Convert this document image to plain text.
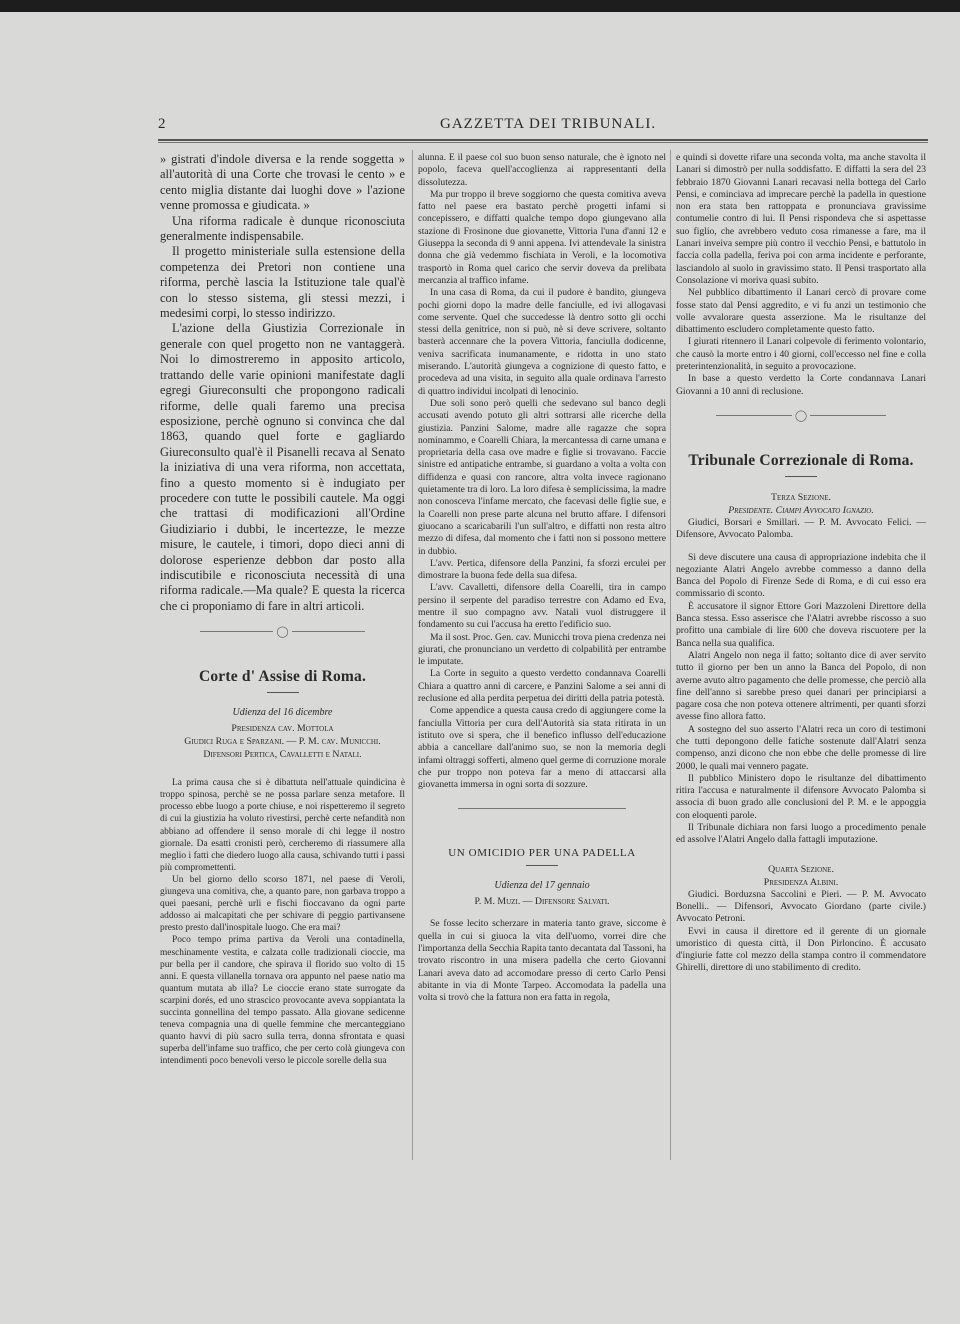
2	GAZZETTA DEI TRIBUNALI.

» gistrati d'indole diversa e la rende soggetta » all'autorità di una Corte che trovasi le cento » e cento miglia distante dai luoghi dove » l'azione venne promossa e giudicata. »

Una riforma radicale è dunque riconosciuta generalmente indispensabile.

Il progetto ministeriale sulla estensione della competenza dei Pretori non contiene una riforma, perchè lascia la Istituzione tale qual'è con lo stesso sistema, gli stessi mezzi, i medesimi corpi, lo stesso indirizzo.

L'azione della Giustizia Correzionale in generale con quel progetto non ne vantaggerà. Noi lo dimostreremo in apposito articolo, trattando delle varie opinioni manifestate dagli egregi Giureconsulti che propongono radicali riforme, delle quali faremo una precisa esposizione, perchè ognuno si convinca che dal 1863, quando quel forte e gagliardo Giureconsulto qual'è il Pisanelli recava al Senato la iniziativa di una vera riforma, non accettata, fino a questo momento si è indugiato per procedere con tutte le possibili cautele. Ma oggi che trattasi di modificazioni all'Ordine Giudiziario i dubbi, le incertezze, le mezze misure, le cautele, i timori, dopo dieci anni di dolorose esperienze debbon dar posto alla indiscutibile e riconosciuta necessità di una riforma radicale.—Ma quale? E questa la ricerca che ci proponiamo di fare in altri articoli.

◯
Corte d' Assise di Roma.
Udienza del 16 dicembre

Presidenza cav. Mottola

Giudici Ruga e Sparzani. — P. M. cav. Municchi.

Difensori Pertica, Cavalletti e Natali.

La prima causa che si è dibattuta nell'attuale quindicina è troppo spinosa, perchè se ne possa parlare senza metafore. Il processo ebbe luogo a porte chiuse, e noi rispetteremo il segreto di cui la giustizia ha voluto rivestirsi, perchè certe nefandità non abbiano ad offendere il senso morale di chi legge il nostro giornale. Da esatti cronisti però, cercheremo di riassumere alla meglio i fatti che diedero luogo alla causa, schivando tutti i passi più compromettenti.

Un bel giorno dello scorso 1871, nel paese di Veroli, giungeva una comitiva, che, a quanto pare, non garbava troppo a quei paesani, perchè urli e fischi fioccavano da ogni parte addosso ai malcapitati che per schivare di peggio partivansene presto presto dall'inospitale luogo. Che era mai?

Poco tempo prima partiva da Veroli una contadinella, meschinamente vestita, e calzata colle tradizionali cioccie, ma pur bella per il candore, che spirava il florido suo volto di 15 anni. E questa villanella tornava ora appunto nel paese natio ma quantum mutata ab illa? Le cioccie erano state surrogate da scarpini dorés, ed uno strascico provocante aveva soppiantata la succinta gonnellina del tempo passato. Alla giovane sedicenne teneva compagnia una di quelle femmine che mercanteggiano quanto havvi di più sacro sulla terra, donna sfrontata e quasi superba dell'infame suo traffico, che per certo colà giungeva con intendimenti poco benevoli verso le piccole sorelle della sua

alunna. E il paese col suo buon senso naturale, che è ignoto nel popolo, faceva quell'accoglienza ai rappresentanti della dissolutezza.

Ma pur troppo il breve soggiorno che questa comitiva aveva fatto nel paese era bastato perchè progetti infami si concepissero, e diffatti qualche tempo dopo giungevano alla stazione di Frosinone due giovanette, Vittoria l'una d'anni 12 e Giuseppa la seconda di 9 anni appena. Ivi attendevale la sinistra donna che già vedemmo fischiata in Veroli, e la locomotiva trasportò in Roma quel carico che servir doveva da prelibata mercanzia al traffico infame.

In una casa di Roma, da cui il pudore è bandito, giungeva pochi giorni dopo la madre delle fanciulle, ed ivi allogavasi come serventе. Quel che succedesse là dentro sotto gli occhi stessi della genitrice, non si può, nè si deve scrivere, soltanto basterà accennare che la povera Vittoria, fanciulla dodicenne, veniva sacrificata inumanamente, e ridotta in uno stato miserando. L'autorità giungeva a cognizione di questo fatto, e procedeva ad una visita, in seguito alla quale ordinava l'arresto di quattro individui incolpati di lenocinio.

Due soli sono però quelli che sedevano sul banco degli accusati avendo potuto gli altri sottrarsi alle ricerche della giustizia. Panzini Salome, madre alle ragazze che sopra nominammo, e Coarelli Chiara, la mercantessa di carne umana e proprietaria della casa ove madre e figlie si trovavano. Faccie sinistre ed antipatiche entrambe, si guardano a volta a volta con diffidenza e quasi con rancore, altra volta invece ragionano quietamente tra di loro. La loro difesa è semplicissima, la madre non conosceva l'infame mercato, che facevasi delle figlie sue, e la Coarelli non prese parte alcuna nel brutto affare. I difensori giuocano a scaricabarili l'un sull'altro, e diffatti non resta altro mezzo di difesa, dal momento che i fatti non si possono mettere in dubbio.

L'avv. Pertica, difensore della Panzini, fa sforzi erculei per dimostrare la buona fede della sua difesa.

L'avv. Cavalletti, difensore della Coarelli, tira in campo persino il serpente del paradiso terrestre con Adamo ed Eva, mentre il suo compagno avv. Natali vuol distruggere il fondamento su cui l'accusa ha eretto l'edificio suo.

Ma il sost. Proc. Gen. cav. Municchi trova piena credenza nei giurati, che pronunciano un verdetto di colpabilità per entrambe le imputate.

La Corte in seguito a questo verdetto condannava Coarelli Chiara a quattro anni di carcere, e Panzini Salome a sei anni di reclusione ed alla perdita perpetua dei diritti della patria potestà.

Come appendice a questa causa credo di aggiungere come la fanciulla Vittoria per cura dell'Autorità sia stata ritirata in un istituto ove si spera, che il benefico influsso dell'educazione abbia a cancellare dall'animo suo, se non la memoria degli infami oltraggi sofferti, almeno quel germe di corruzione morale che pur troppo non poteva far a meno di attaccarsi alla giovanetta immersa in ogni sorta di sozzure.

UN OMICIDIO PER UNA PADELLA
Udienza del 17 gennaio

P. M. Muzi. — Difensore Salvati.

Se fosse lecito scherzare in materia tanto grave, siccome è quella in cui si giuoca la vita dell'uomo, vorrei dire che l'importanza della Secchia Rapita tanto decantata dal Tassoni, ha trovato riscontro in una misera padella che certo Giovanni Lanari aveva dato ad accomodare presso di certo Carlo Pensi abitante in via di Monte Tarpeo. Accomodata la padella una volta si trovò che la fattura non era fatta in regola,

e quindi si dovette rifare una seconda volta, ma anche stavolta il Lanari si dimostrò per nulla soddisfatto. E diffatti la sera del 23 febbraio 1870 Giovanni Lanari recavasi nella bottega del Carlo Pensi, e cominciava ad imprecare perchè la padella in questione non era stata ben rattoppata e pronunciava gravissime contumelie contro di lui. Il Pensi rispondeva che si aspettasse suo figlio, che avrebbero veduto cosa rimanesse a fare, ma il Lanari inveiva sempre più contro il vecchio Pensi, e battutolo in faccia colla padella, feriva poi con arma incidente e perforante, lasciandolo al suolo in gravissimo stato. Il Pensi trasportato alla Consolazione vi moriva quasi subito.

Nel pubblico dibattimento il Lanari cercò di provare come fosse stato dal Pensi aggredito, e vi fu anzi un testimonio che volle avvalorare questa asserzione. Ma le risultanze del dibattimento escludero completamente questo fatto.

I giurati ritennero il Lanari colpevole di ferimento volontario, che causò la morte entro i 40 giorni, coll'eccesso nel fine e colla preterintenzionalità, in seguito a provocazione.

In base a questo verdetto la Corte condannava Lanari Giovanni a 10 anni di reclusione.

◯
Tribunale Correzionale di Roma.

Terza Sezione.

Presidente. Ciampi Avvocato Ignazio.

Giudici, Borsari e Smillari. — P. M. Avvocato Felici. — Difensore, Avvocato Palomba.

Si deve discutere una causa di appropriazione indebita che il negoziante Alatri Angelo avrebbe commesso a danno della Banca del Popolo di Firenze Sede di Roma, e di cui esso era commissario di sconto.

È accusatore il signor Ettore Gori Mazzoleni Direttore della Banca stessa. Esso asserisce che l'Alatri avrebbe riscosso a suo profitto una cambiale di lire 600 che doveva riscuotere per la Banca nella sua qualifica.

Alatri Angelo non nega il fatto; soltanto dice di aver servito tutto il giorno per ben un anno la Banca del Popolo, di non averne avuto altro pagamento che delle promesse, che perciò alla fine dell'anno si sarebbe preso quei danari per principiarsi a pagare cosa che non poteva ottenere altrimenti, per quanti sforzi avesse fino allora fatto.

A sostegno del suo asserto l'Alatri reca un coro di testimoni che tutti depongono delle fatiche sostenute dall'Alatri senza compenso, anzi dicono che non ebbe che delle promesse di lire 2000, le quali mai vennero pagate.

Il pubblico Ministero dopo le risultanze del dibattimento ritira l'accusa e naturalmente il difensore Avvocato Palomba si associa di buon grado alle conclusioni del P. M. e le appoggia con eloquenti parole.

Il Tribunale dichiara non farsi luogo a procedimento penale ed assolve l'Alatri Angelo dalla fattagli imputazione.

Quarta Sezione.

Presidenza Albini.

Giudici. Borduzsna Saccolini e Pieri. — P. M. Avvocato Bonelli.. — Difensori, Avvocato Giordano (parte civile.) Avvocato Petroni.

Evvi in causa il direttore ed il gerente di un giornale umoristico di questa città, il Don Pirloncino. È accusato d'ingiurie fatte col mezzo della stampa contro il commendatore Ghirelli, direttore di uno stabilimento di credito.
